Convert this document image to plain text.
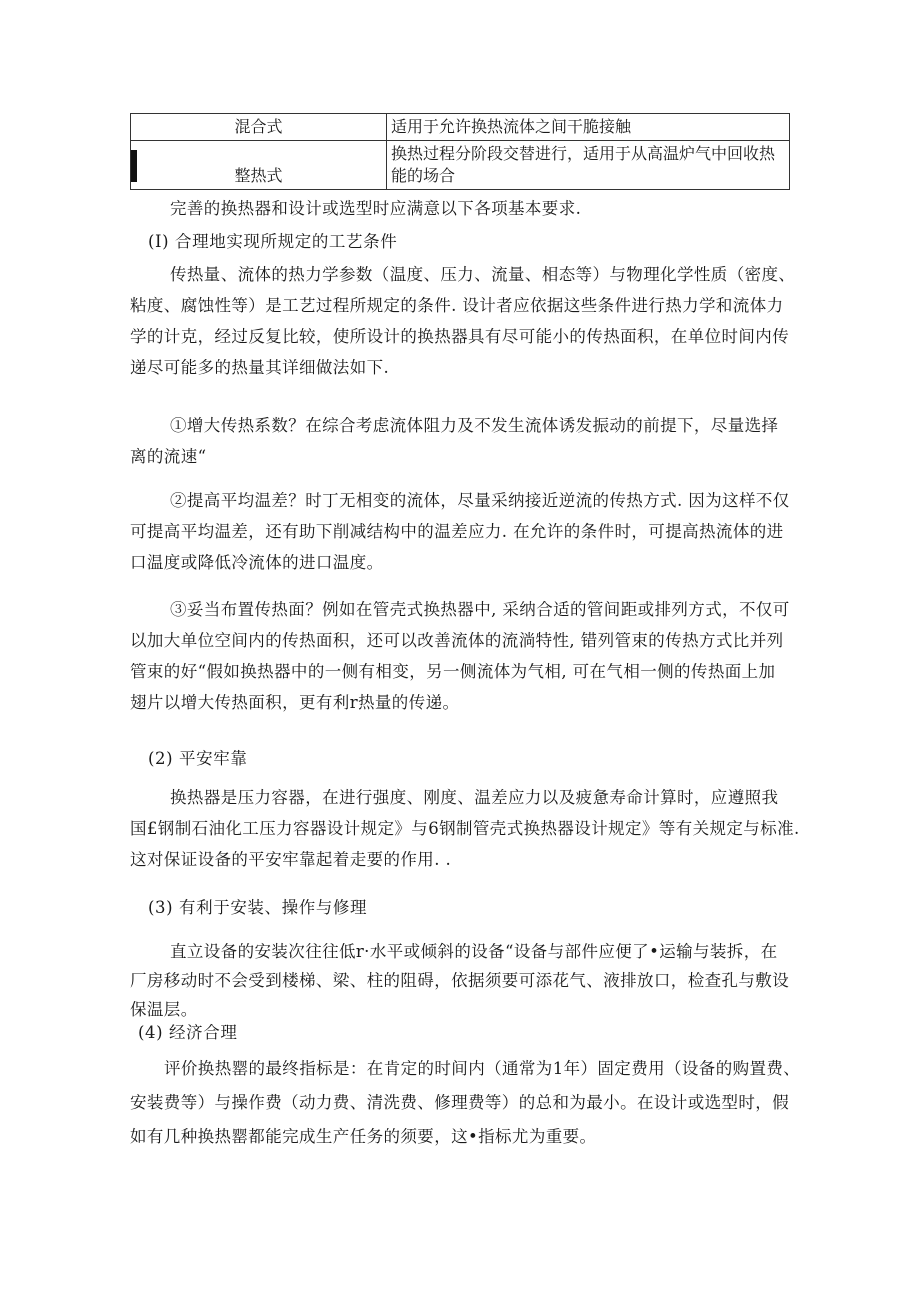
混合式	适用于允许换热流体之间干脆接触
整热式	换热过程分阶段交替进行，适用于从高温炉气中回收热
能的场合

完善的换热器和设计或选型时应满意以下各项基本要求.

(I) 合理地实现所规定的工艺条件

传热量、流体的热力学参数（温度、压力、流量、相态等）与物理化学性质（密度、
粘度、腐蚀性等）是工艺过程所规定的条件. 设计者应依据这些条件进行热力学和流体力
学的计克，经过反复比较，使所设计的换热器具有尽可能小的传热面积，在单位时间内传
递尽可能多的热量其详细做法如下.
①增大传热系数？在综合考虑流体阻力及不发生流体诱发振动的前提下，尽量选择
离的流速“
②提高平均温差？时丁无相变的流体，尽量采纳接近逆流的传热方式. 因为这样不仅
可提高平均温差，还有助下削减结构中的温差应力. 在允许的条件时，可提高热流体的进
口温度或降低冷流体的进口温度。
③妥当布置传热面？例如在管壳式换热器中, 采纳合适的管间距或排列方式，不仅可
以加大单位空间内的传热面积，还可以改善流体的流淌特性, 错列管束的传热方式比并列
管束的好“假如换热器中的一侧有相变，另一侧流体为气相, 可在气相一侧的传热面上加
翅片以增大传热面积，更有利r热量的传递。

(2) 平安牢靠

换热器是压力容器，在进行强度、刚度、温差应力以及疲惫寿命计算时，应遵照我
国£钢制石油化工压力容器设计规定》与6钢制管壳式换热器设计规定》等有关规定与标准.
这对保证设备的平安牢靠起着走要的作用. .

(3) 有利于安装、操作与修理

直立设备的安装次往往低r·水平或倾斜的设备“设备与部件应便了•运输与装拆，在
厂房移动时不会受到楼梯、梁、柱的阻碍，依据须要可添花气、液排放口，检查孔与敷设
保温层。

(4) 经济合理

评价换热罂的最终指标是：在肯定的时间内（通常为1年）固定费用（设备的购置费、
安装费等）与操作费（动力费、清洗费、修理费等）的总和为最小。在设计或选型时，假
如有几种换热罂都能完成生产任务的须要，这•指标尤为重要。
